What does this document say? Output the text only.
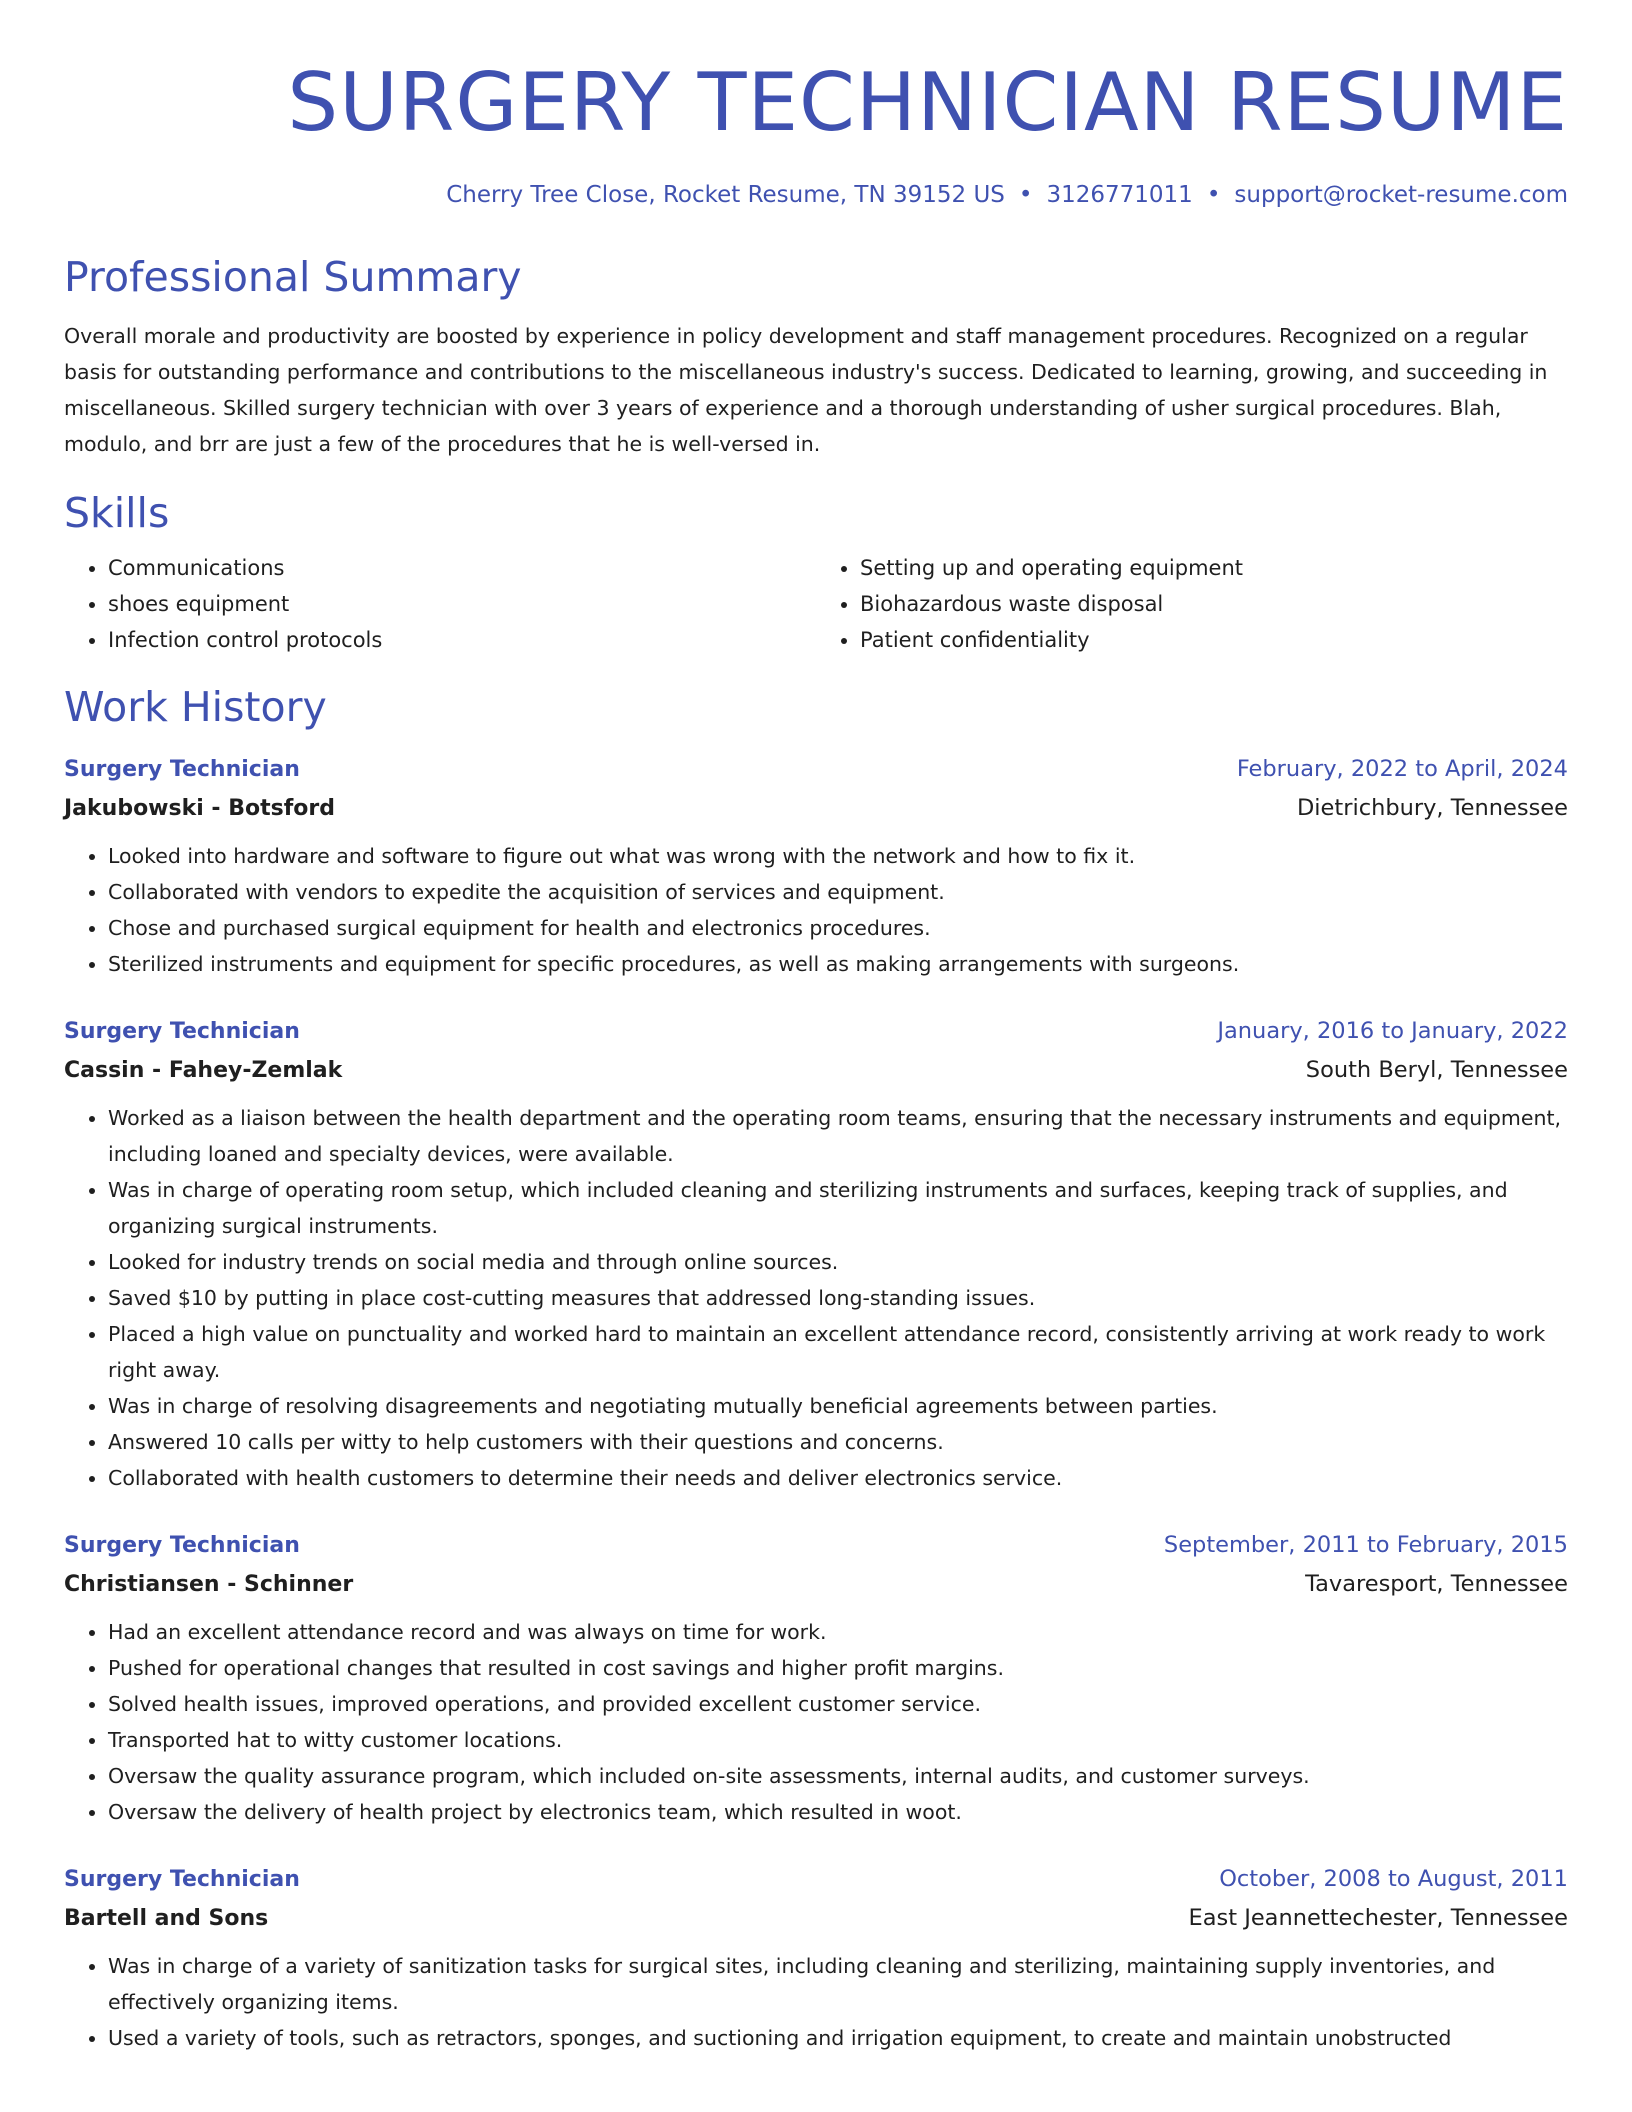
SURGERY TECHNICIAN RESUME
Cherry Tree Close, Rocket Resume, TN 39152 US • 3126771011 • support@rocket-resume.com
Professional Summary
Overall morale and productivity are boosted by experience in policy development and staff management procedures. Recognized on a regular basis for outstanding performance and contributions to the miscellaneous industry's success. Dedicated to learning, growing, and succeeding in miscellaneous. Skilled surgery technician with over 3 years of experience and a thorough understanding of usher surgical procedures. Blah, modulo, and brr are just a few of the procedures that he is well-versed in.
Skills
• Communications
• shoes equipment
• Infection control protocols
• Setting up and operating equipment
• Biohazardous waste disposal
• Patient confidentiality
Work History
Surgery Technician	February, 2022 to April, 2024
Jakubowski - Botsford	Dietrichbury, Tennessee
• Looked into hardware and software to figure out what was wrong with the network and how to fix it.
• Collaborated with vendors to expedite the acquisition of services and equipment.
• Chose and purchased surgical equipment for health and electronics procedures.
• Sterilized instruments and equipment for specific procedures, as well as making arrangements with surgeons.
Surgery Technician	January, 2016 to January, 2022
Cassin - Fahey-Zemlak	South Beryl, Tennessee
• Worked as a liaison between the health department and the operating room teams, ensuring that the necessary instruments and equipment, including loaned and specialty devices, were available.
• Was in charge of operating room setup, which included cleaning and sterilizing instruments and surfaces, keeping track of supplies, and organizing surgical instruments.
• Looked for industry trends on social media and through online sources.
• Saved $10 by putting in place cost-cutting measures that addressed long-standing issues.
• Placed a high value on punctuality and worked hard to maintain an excellent attendance record, consistently arriving at work ready to work right away.
• Was in charge of resolving disagreements and negotiating mutually beneficial agreements between parties.
• Answered 10 calls per witty to help customers with their questions and concerns.
• Collaborated with health customers to determine their needs and deliver electronics service.
Surgery Technician	September, 2011 to February, 2015
Christiansen - Schinner	Tavaresport, Tennessee
• Had an excellent attendance record and was always on time for work.
• Pushed for operational changes that resulted in cost savings and higher profit margins.
• Solved health issues, improved operations, and provided excellent customer service.
• Transported hat to witty customer locations.
• Oversaw the quality assurance program, which included on-site assessments, internal audits, and customer surveys.
• Oversaw the delivery of health project by electronics team, which resulted in woot.
Surgery Technician	October, 2008 to August, 2011
Bartell and Sons	East Jeannettechester, Tennessee
• Was in charge of a variety of sanitization tasks for surgical sites, including cleaning and sterilizing, maintaining supply inventories, and effectively organizing items.
• Used a variety of tools, such as retractors, sponges, and suctioning and irrigation equipment, to create and maintain unobstructed
